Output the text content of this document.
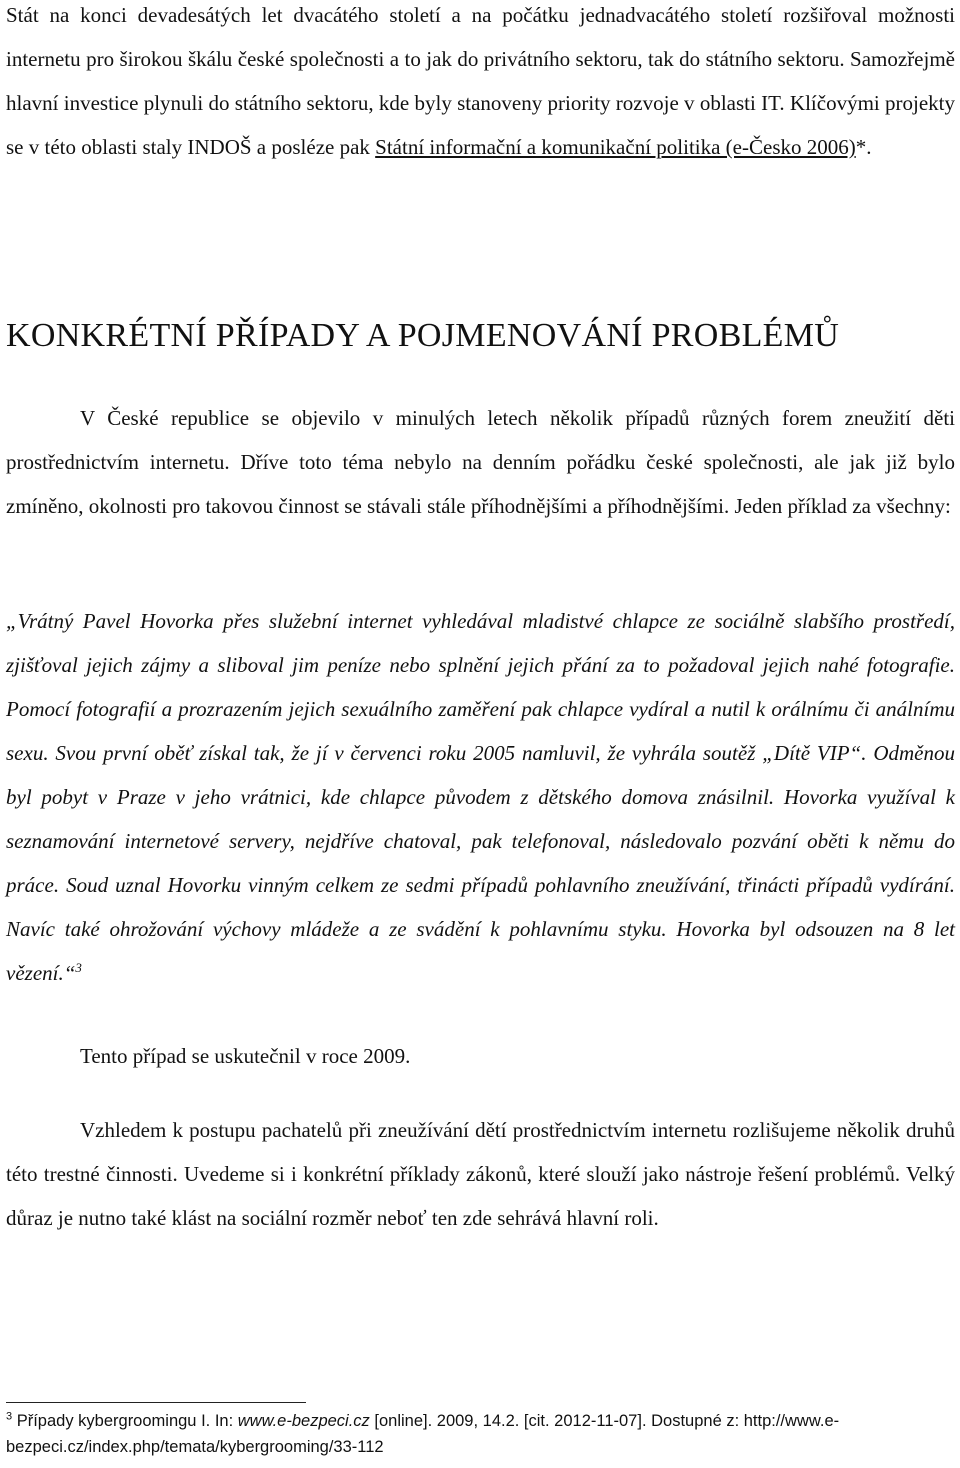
Stát na konci devadesátých let dvacátého století a na počátku jednadvacátého století rozšiřoval možnosti internetu pro širokou škálu české společnosti a to jak do privátního sektoru, tak do státního sektoru. Samozřejmě hlavní investice plynuli do státního sektoru, kde byly stanoveny priority rozvoje v oblasti IT. Klíčovými projekty se v této oblasti staly INDOŠ a posléze pak Státní informační a komunikační politika (e-Česko 2006)*.

KONKRÉTNÍ PŘÍPADY A POJMENOVÁNÍ PROBLÉMŮ

V České republice se objevilo v minulých letech několik případů různých forem zneužití děti prostřednictvím internetu. Dříve toto téma nebylo na denním pořádku české společnosti, ale jak již bylo zmíněno, okolnosti pro takovou činnost se stávali stále příhodnějšími a příhodnějšími. Jeden příklad za všechny:

„Vrátný Pavel Hovorka přes služební internet vyhledával mladistvé chlapce ze sociálně slabšího prostředí, zjišťoval jejich zájmy a sliboval jim peníze nebo splnění jejich přání za to požadoval jejich nahé fotografie. Pomocí fotografií a prozrazením jejich sexuálního zaměření pak chlapce vydíral a nutil k orálnímu či análnímu sexu. Svou první oběť získal tak, že jí v červenci roku 2005 namluvil, že vyhrála soutěž „Dítě VIP“. Odměnou byl pobyt v Praze v jeho vrátnici, kde chlapce původem z dětského domova znásilnil. Hovorka využíval k seznamování internetové servery, nejdříve chatoval, pak telefonoval, následovalo pozvání oběti k němu do práce. Soud uznal Hovorku vinným celkem ze sedmi případů pohlavního zneužívání, třinácti případů vydírání. Navíc také ohrožování výchovy mládeže a ze svádění k pohlavnímu styku. Hovorka byl odsouzen na 8 let vězení.“$^3$

Tento případ se uskutečnil v roce 2009.

Vzhledem k postupu pachatelů při zneužívání dětí prostřednictvím internetu rozlišujeme několik druhů této trestné činnosti. Uvedeme si i konkrétní příklady zákonů, které slouží jako nástroje řešení problémů. Velký důraz je nutno také klást na sociální rozměr neboť ten zde sehrává hlavní roli.

$^3$ Případy kybergroomingu I. In: www.e-bezpeci.cz [online]. 2009, 14.2. [cit. 2012-11-07]. Dostupné z: http://www.e-bezpeci.cz/index.php/temata/kybergrooming/33-112
